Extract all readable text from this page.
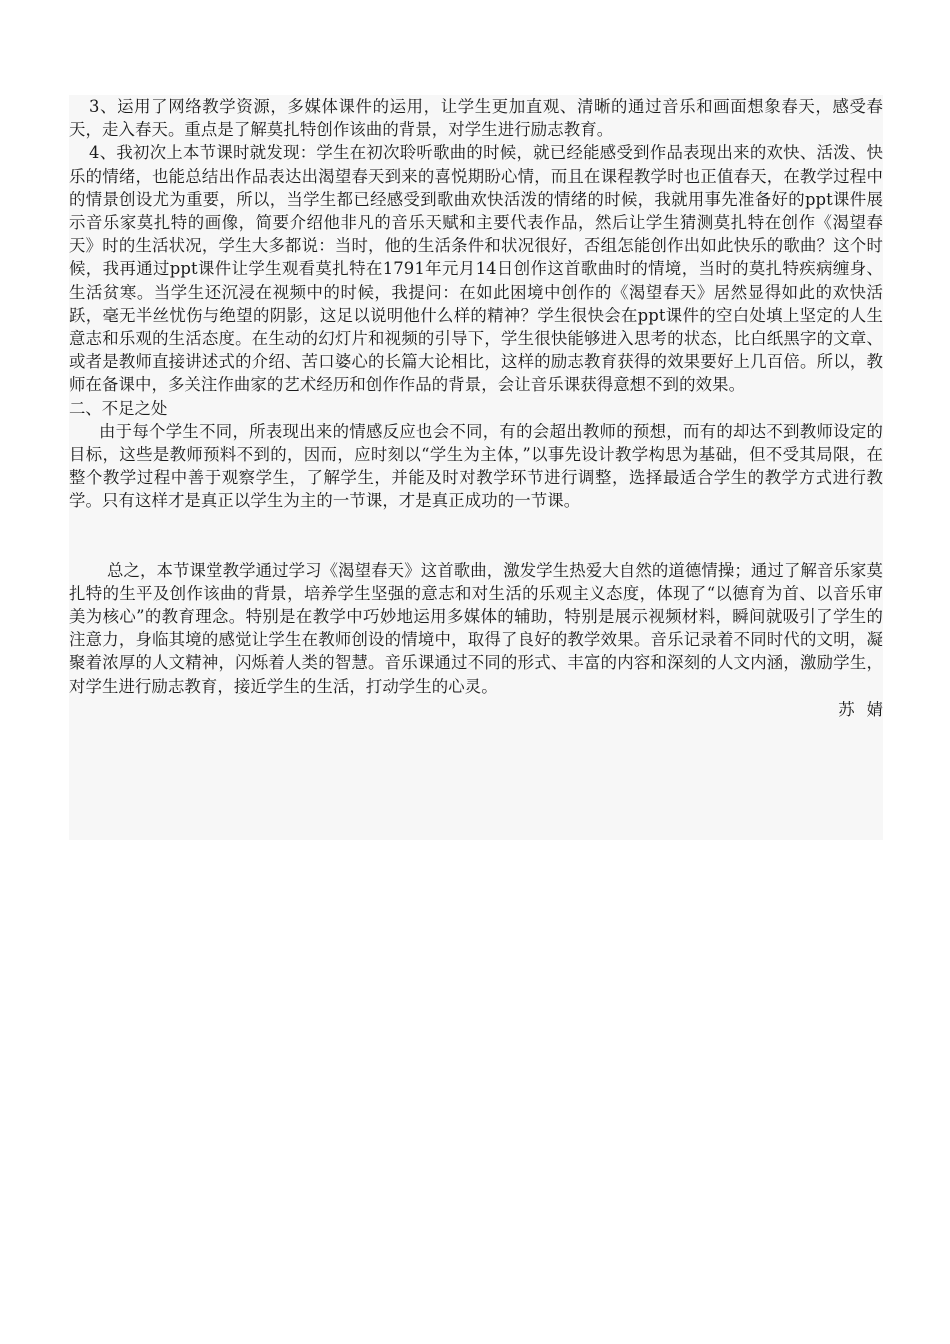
3、运用了网络教学资源，多媒体课件的运用，让学生更加直观、清晰的通过音乐和画面想象春天，感受春天，走入春天。重点是了解莫扎特创作该曲的背景，对学生进行励志教育。

4、我初次上本节课时就发现：学生在初次聆听歌曲的时候，就已经能感受到作品表现出来的欢快、活泼、快乐的情绪，也能总结出作品表达出渴望春天到来的喜悦期盼心情，而且在课程教学时也正值春天，在教学过程中的情景创设尤为重要，所以，当学生都已经感受到歌曲欢快活泼的情绪的时候，我就用事先准备好的ppt课件展示音乐家莫扎特的画像，简要介绍他非凡的音乐天赋和主要代表作品，然后让学生猜测莫扎特在创作《渴望春天》时的生活状况，学生大多都说：当时，他的生活条件和状况很好，否组怎能创作出如此快乐的歌曲？这个时候，我再通过ppt课件让学生观看莫扎特在1791年元月14日创作这首歌曲时的情境，当时的莫扎特疾病缠身、生活贫寒。当学生还沉浸在视频中的时候，我提问：在如此困境中创作的《渴望春天》居然显得如此的欢快活跃，毫无半丝忧伤与绝望的阴影，这足以说明他什么样的精神？学生很快会在ppt课件的空白处填上坚定的人生意志和乐观的生活态度。在生动的幻灯片和视频的引导下，学生很快能够进入思考的状态，比白纸黑字的文章、或者是教师直接讲述式的介绍、苦口婆心的长篇大论相比，这样的励志教育获得的效果要好上几百倍。所以，教师在备课中，多关注作曲家的艺术经历和创作作品的背景，会让音乐课获得意想不到的效果。

二、不足之处

由于每个学生不同，所表现出来的情感反应也会不同，有的会超出教师的预想，而有的却达不到教师设定的目标，这些是教师预料不到的，因而，应时刻以“学生为主体，”以事先设计教学构思为基础，但不受其局限，在整个教学过程中善于观察学生，了解学生，并能及时对教学环节进行调整，选择最适合学生的教学方式进行教学。只有这样才是真正以学生为主的一节课，才是真正成功的一节课。

总之，本节课堂教学通过学习《渴望春天》这首歌曲，激发学生热爱大自然的道德情操；通过了解音乐家莫扎特的生平及创作该曲的背景，培养学生坚强的意志和对生活的乐观主义态度，体现了“以德育为首、以音乐审美为核心”的教育理念。特别是在教学中巧妙地运用多媒体的辅助，特别是展示视频材料，瞬间就吸引了学生的注意力，身临其境的感觉让学生在教师创设的情境中，取得了良好的教学效果。音乐记录着不同时代的文明，凝聚着浓厚的人文精神，闪烁着人类的智慧。音乐课通过不同的形式、丰富的内容和深刻的人文内涵，激励学生，对学生进行励志教育，接近学生的生活，打动学生的心灵。

苏婧
